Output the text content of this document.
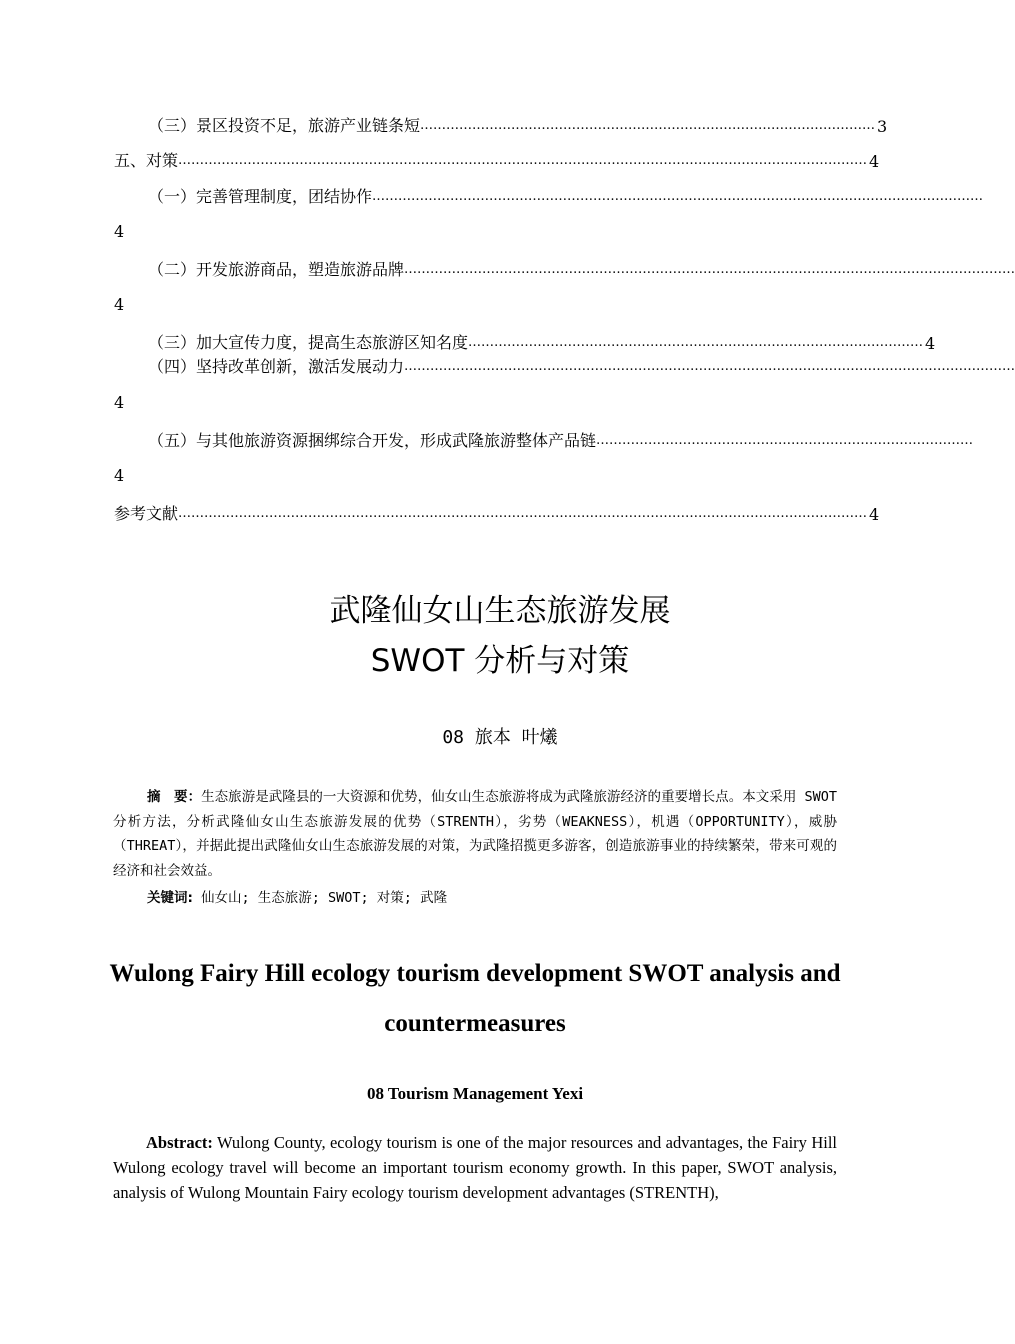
（三）景区投资不足，旅游产业链条短 …………………………………………………………………………………………… 3
五、对策 …………………………………………………………………………………………………………………………………………… 4
（一）完善管理制度，团结协作 ……………………………………………………………………………………………………………………………
4
（二）开发旅游商品，塑造旅游品牌 ……………………………………………………………………………………………………………………………
4
（三）加大宣传力度，提高生态旅游区知名度 …………………………………………………………………………………………… 4
（四）坚持改革创新，激活发展动力 ……………………………………………………………………………………………………………………………
4
（五）与其他旅游资源捆绑综合开发，形成武隆旅游整体产品链 ……………………………………………………………………………
4
参考文献 …………………………………………………………………………………………………………………………………………… 4
武隆仙女山生态旅游发展
SWOT 分析与对策
08 旅本 叶爔
摘　要：生态旅游是武隆县的一大资源和优势，仙女山生态旅游将成为武隆旅游经济的重要增长点。本文采用 SWOT 分析方法，分析武隆仙女山生态旅游发展的优势（STRENTH），劣势（WEAKNESS），机遇（OPPORTUNITY），威胁（THREAT），并据此提出武隆仙女山生态旅游发展的对策，为武隆招揽更多游客，创造旅游事业的持续繁荣，带来可观的经济和社会效益。
关键词: 仙女山; 生态旅游; SWOT; 对策; 武隆
Wulong Fairy Hill ecology tourism development SWOT analysis and countermeasures
08 Tourism Management Yexi
Abstract: Wulong County, ecology tourism is one of the major resources and advantages, the Fairy Hill Wulong ecology travel will become an important tourism economy growth. In this paper, SWOT analysis, analysis of Wulong Mountain Fairy ecology tourism development advantages (STRENTH),
